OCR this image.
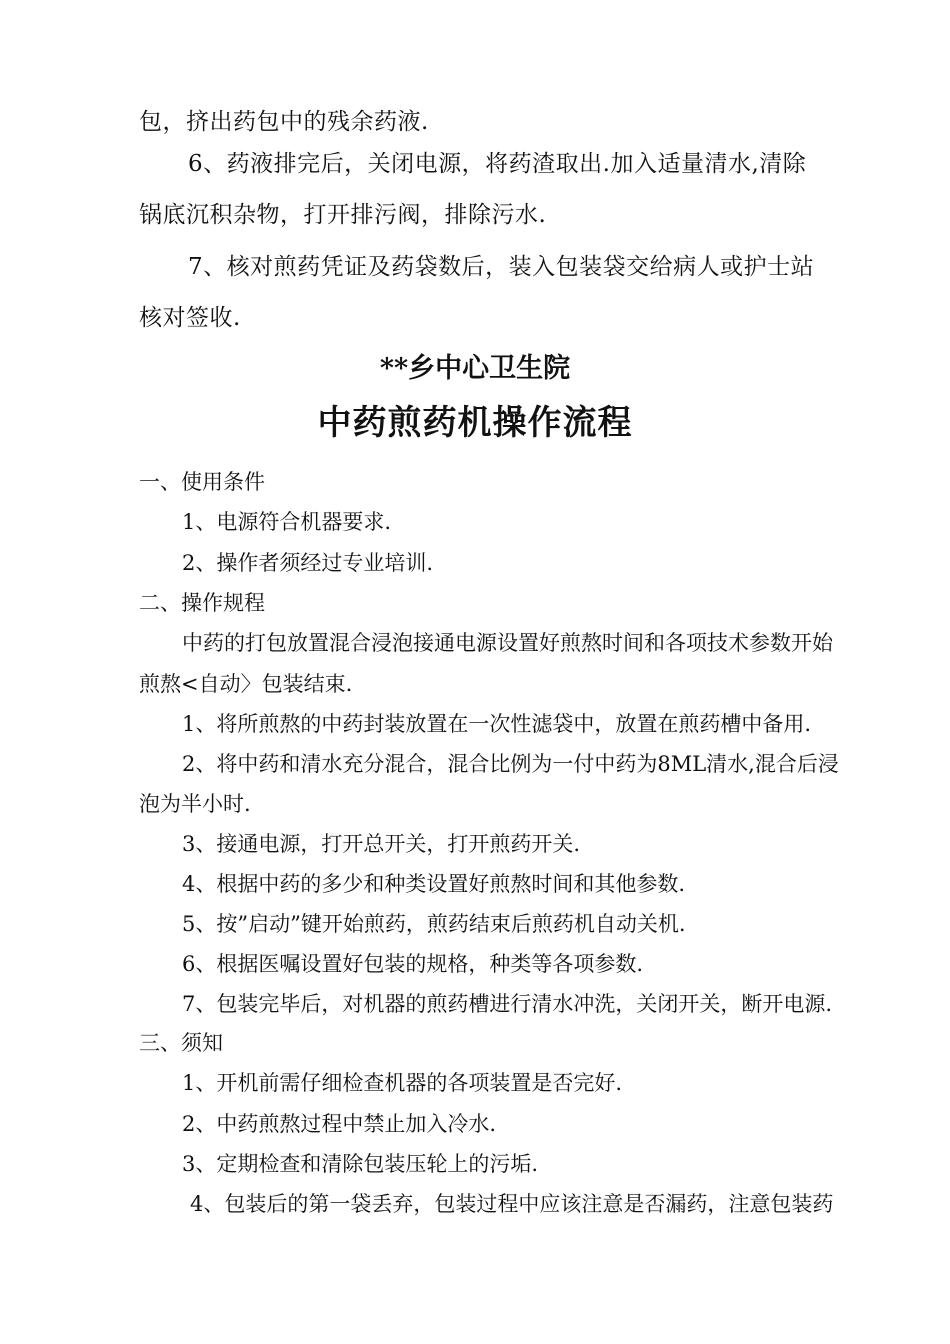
包，挤出药包中的残余药液.

6、药液排完后，关闭电源，将药渣取出.加入适量清水,清除

锅底沉积杂物，打开排污阀，排除污水.

7、核对煎药凭证及药袋数后，装入包装袋交给病人或护士站

核对签收.

**乡中心卫生院
中药煎药机操作流程

一、使用条件

1、电源符合机器要求.

2、操作者须经过专业培训.

二、操作规程

中药的打包放置混合浸泡接通电源设置好煎熬时间和各项技术参数开始

煎熬<自动〉包装结束.

1、将所煎熬的中药封装放置在一次性滤袋中，放置在煎药槽中备用.

2、将中药和清水充分混合，混合比例为一付中药为8ML清水,混合后浸

泡为半小时.

3、接通电源，打开总开关，打开煎药开关.

4、根据中药的多少和种类设置好煎熬时间和其他参数.

5、按”启动”键开始煎药，煎药结束后煎药机自动关机.

6、根据医嘱设置好包装的规格，种类等各项参数.

7、包装完毕后，对机器的煎药槽进行清水冲洗，关闭开关，断开电源.

三、须知

1、开机前需仔细检查机器的各项装置是否完好.

2、中药煎熬过程中禁止加入冷水.

3、定期检查和清除包装压轮上的污垢.

4、包装后的第一袋丢弃，包装过程中应该注意是否漏药，注意包装药
